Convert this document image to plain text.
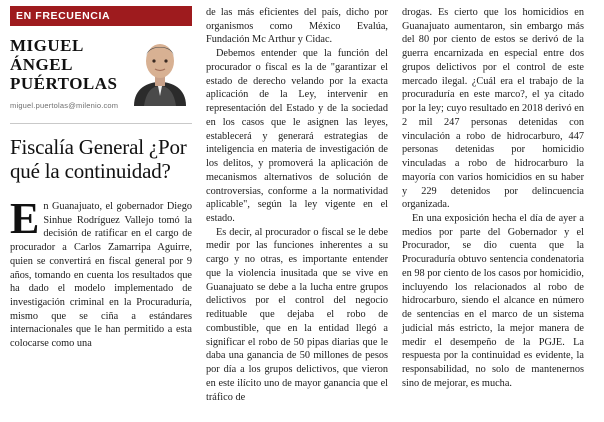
EN FRECUENCIA
MIGUEL ÁNGEL PUÉRTOLAS
miguel.puertolas@milenio.com
Fiscalía General ¿Por qué la continuidad?

En Guanajuato, el gobernador Diego Sinhue Rodríguez Vallejo tomó la decisión de ratificar en el cargo de procurador a Carlos Zamarripa Aguirre, quien se convertirá en fiscal general por 9 años, tomando en cuenta los resultados que ha dado el modelo implementado de investigación criminal en la Procuraduría, mismo que se ciña a estándares internacionales que le han permitido a esta colocarse como una

de las más eficientes del país, dicho por organismos como México Evalúa, Fundación Mc Arthur y Cidac.

Debemos entender que la función del procurador o fiscal es la de "garantizar el estado de derecho velando por la exacta aplicación de la Ley, intervenir en representación del Estado y de la sociedad en los casos que le asignen las leyes, establecerá y generará estrategias de inteligencia en materia de investigación de los delitos, y promoverá la aplicación de mecanismos alternativos de solución de controversias, conforme a la normatividad aplicable", según la ley vigente en el estado.

Es decir, al procurador o fiscal se le debe medir por las funciones inherentes a su cargo y no otras, es importante entender que la violencia inusitada que se vive en Guanajuato se debe a la lucha entre grupos delictivos por el control del negocio redituable que dejaba el robo de combustible, que en la entidad llegó a significar el robo de 50 pipas diarias que le daba una ganancia de 50 millones de pesos por día a los grupos delictivos, que vieron en este ilícito uno de mayor ganancia que el tráfico de

drogas. Es cierto que los homicidios en Guanajuato aumentaron, sin embargo más del 80 por ciento de estos se derivó de la guerra encarnizada en especial entre dos grupos delictivos por el control de este mercado ilegal. ¿Cuál era el trabajo de la procuraduría en este marco?, el ya citado por la ley; cuyo resultado en 2018 derivó en 2 mil 247 personas detenidas con vinculación a robo de hidrocarburo, 447 personas detenidas por homicidio vinculadas a robo de hidrocarburo la mayoría con varios homicidios en su haber y 229 detenidos por delincuencia organizada.

En una exposición hecha el día de ayer a medios por parte del Gobernador y el Procurador, se dio cuenta que la Procuraduría obtuvo sentencia condenatoria en 98 por ciento de los casos por homicidio, incluyendo los relacionados al robo de hidrocarburo, siendo el alcance en número de sentencias en el marco de un sistema judicial más estricto, la mejor manera de medir el desempeño de la PGJE. La respuesta por la continuidad es evidente, la responsabilidad, no solo de mantenernos sino de mejorar, es mucha.
